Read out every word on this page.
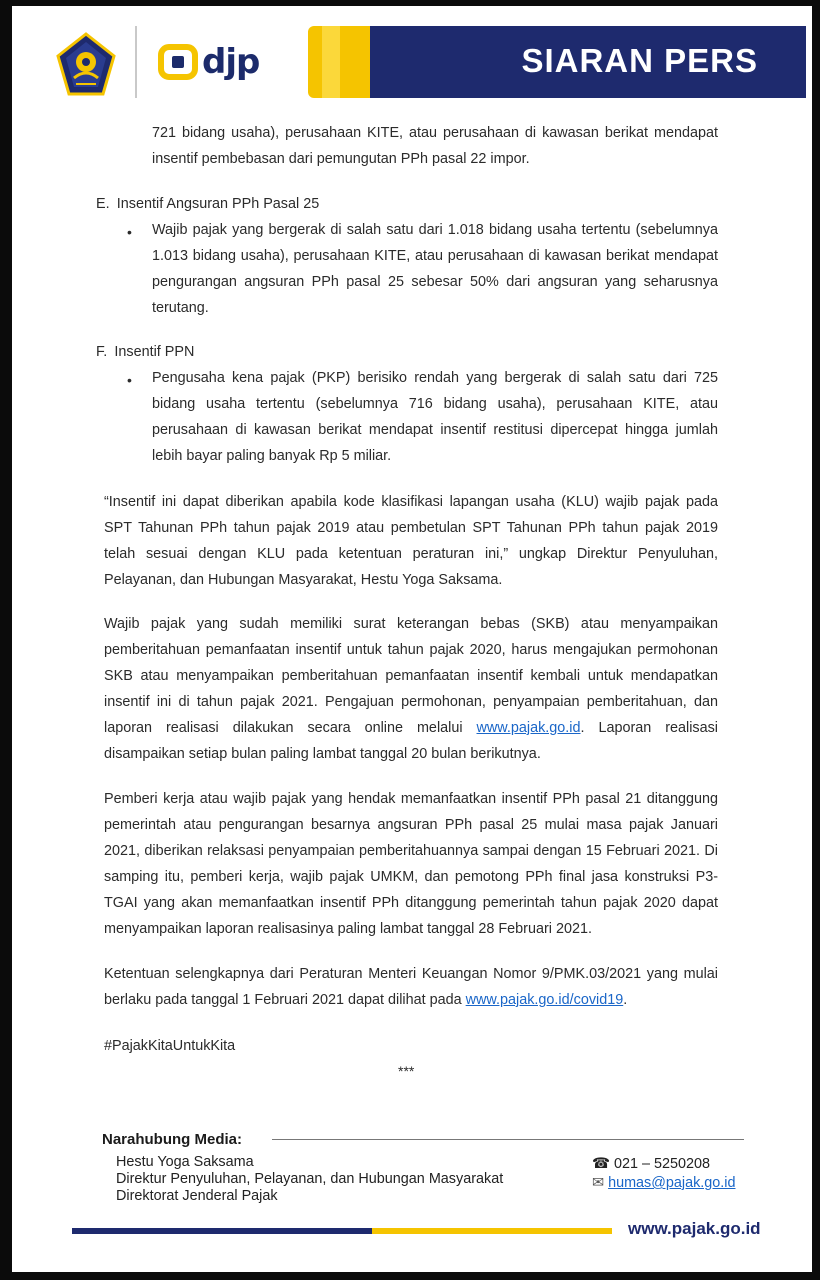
djp	SIARAN PERS
721 bidang usaha), perusahaan KITE, atau perusahaan di kawasan berikat mendapat insentif pembebasan dari pemungutan PPh pasal 22 impor.
E. Insentif Angsuran PPh Pasal 25
• Wajib pajak yang bergerak di salah satu dari 1.018 bidang usaha tertentu (sebelumnya 1.013 bidang usaha), perusahaan KITE, atau perusahaan di kawasan berikat mendapat pengurangan angsuran PPh pasal 25 sebesar 50% dari angsuran yang seharusnya terutang.
F. Insentif PPN
• Pengusaha kena pajak (PKP) berisiko rendah yang bergerak di salah satu dari 725 bidang usaha tertentu (sebelumnya 716 bidang usaha), perusahaan KITE, atau perusahaan di kawasan berikat mendapat insentif restitusi dipercepat hingga jumlah lebih bayar paling banyak Rp 5 miliar.
“Insentif ini dapat diberikan apabila kode klasifikasi lapangan usaha (KLU) wajib pajak pada SPT Tahunan PPh tahun pajak 2019 atau pembetulan SPT Tahunan PPh tahun pajak 2019 telah sesuai dengan KLU pada ketentuan peraturan ini,” ungkap Direktur Penyuluhan, Pelayanan, dan Hubungan Masyarakat, Hestu Yoga Saksama.
Wajib pajak yang sudah memiliki surat keterangan bebas (SKB) atau menyampaikan pemberitahuan pemanfaatan insentif untuk tahun pajak 2020, harus mengajukan permohonan SKB atau menyampaikan pemberitahuan pemanfaatan insentif kembali untuk mendapatkan insentif ini di tahun pajak 2021. Pengajuan permohonan, penyampaian pemberitahuan, dan laporan realisasi dilakukan secara online melalui www.pajak.go.id. Laporan realisasi disampaikan setiap bulan paling lambat tanggal 20 bulan berikutnya.
Pemberi kerja atau wajib pajak yang hendak memanfaatkan insentif PPh pasal 21 ditanggung pemerintah atau pengurangan besarnya angsuran PPh pasal 25 mulai masa pajak Januari 2021, diberikan relaksasi penyampaian pemberitahuannya sampai dengan 15 Februari 2021. Di samping itu, pemberi kerja, wajib pajak UMKM, dan pemotong PPh final jasa konstruksi P3-TGAI yang akan memanfaatkan insentif PPh ditanggung pemerintah tahun pajak 2020 dapat menyampaikan laporan realisasinya paling lambat tanggal 28 Februari 2021.
Ketentuan selengkapnya dari Peraturan Menteri Keuangan Nomor 9/PMK.03/2021 yang mulai berlaku pada tanggal 1 Februari 2021 dapat dilihat pada www.pajak.go.id/covid19.
#PajakKitaUntukKita
***
Narahubung Media:
Hestu Yoga Saksama
Direktur Penyuluhan, Pelayanan, dan Hubungan Masyarakat
Direktorat Jenderal Pajak
☎ 021 – 5250208
✉ humas@pajak.go.id
www.pajak.go.id
